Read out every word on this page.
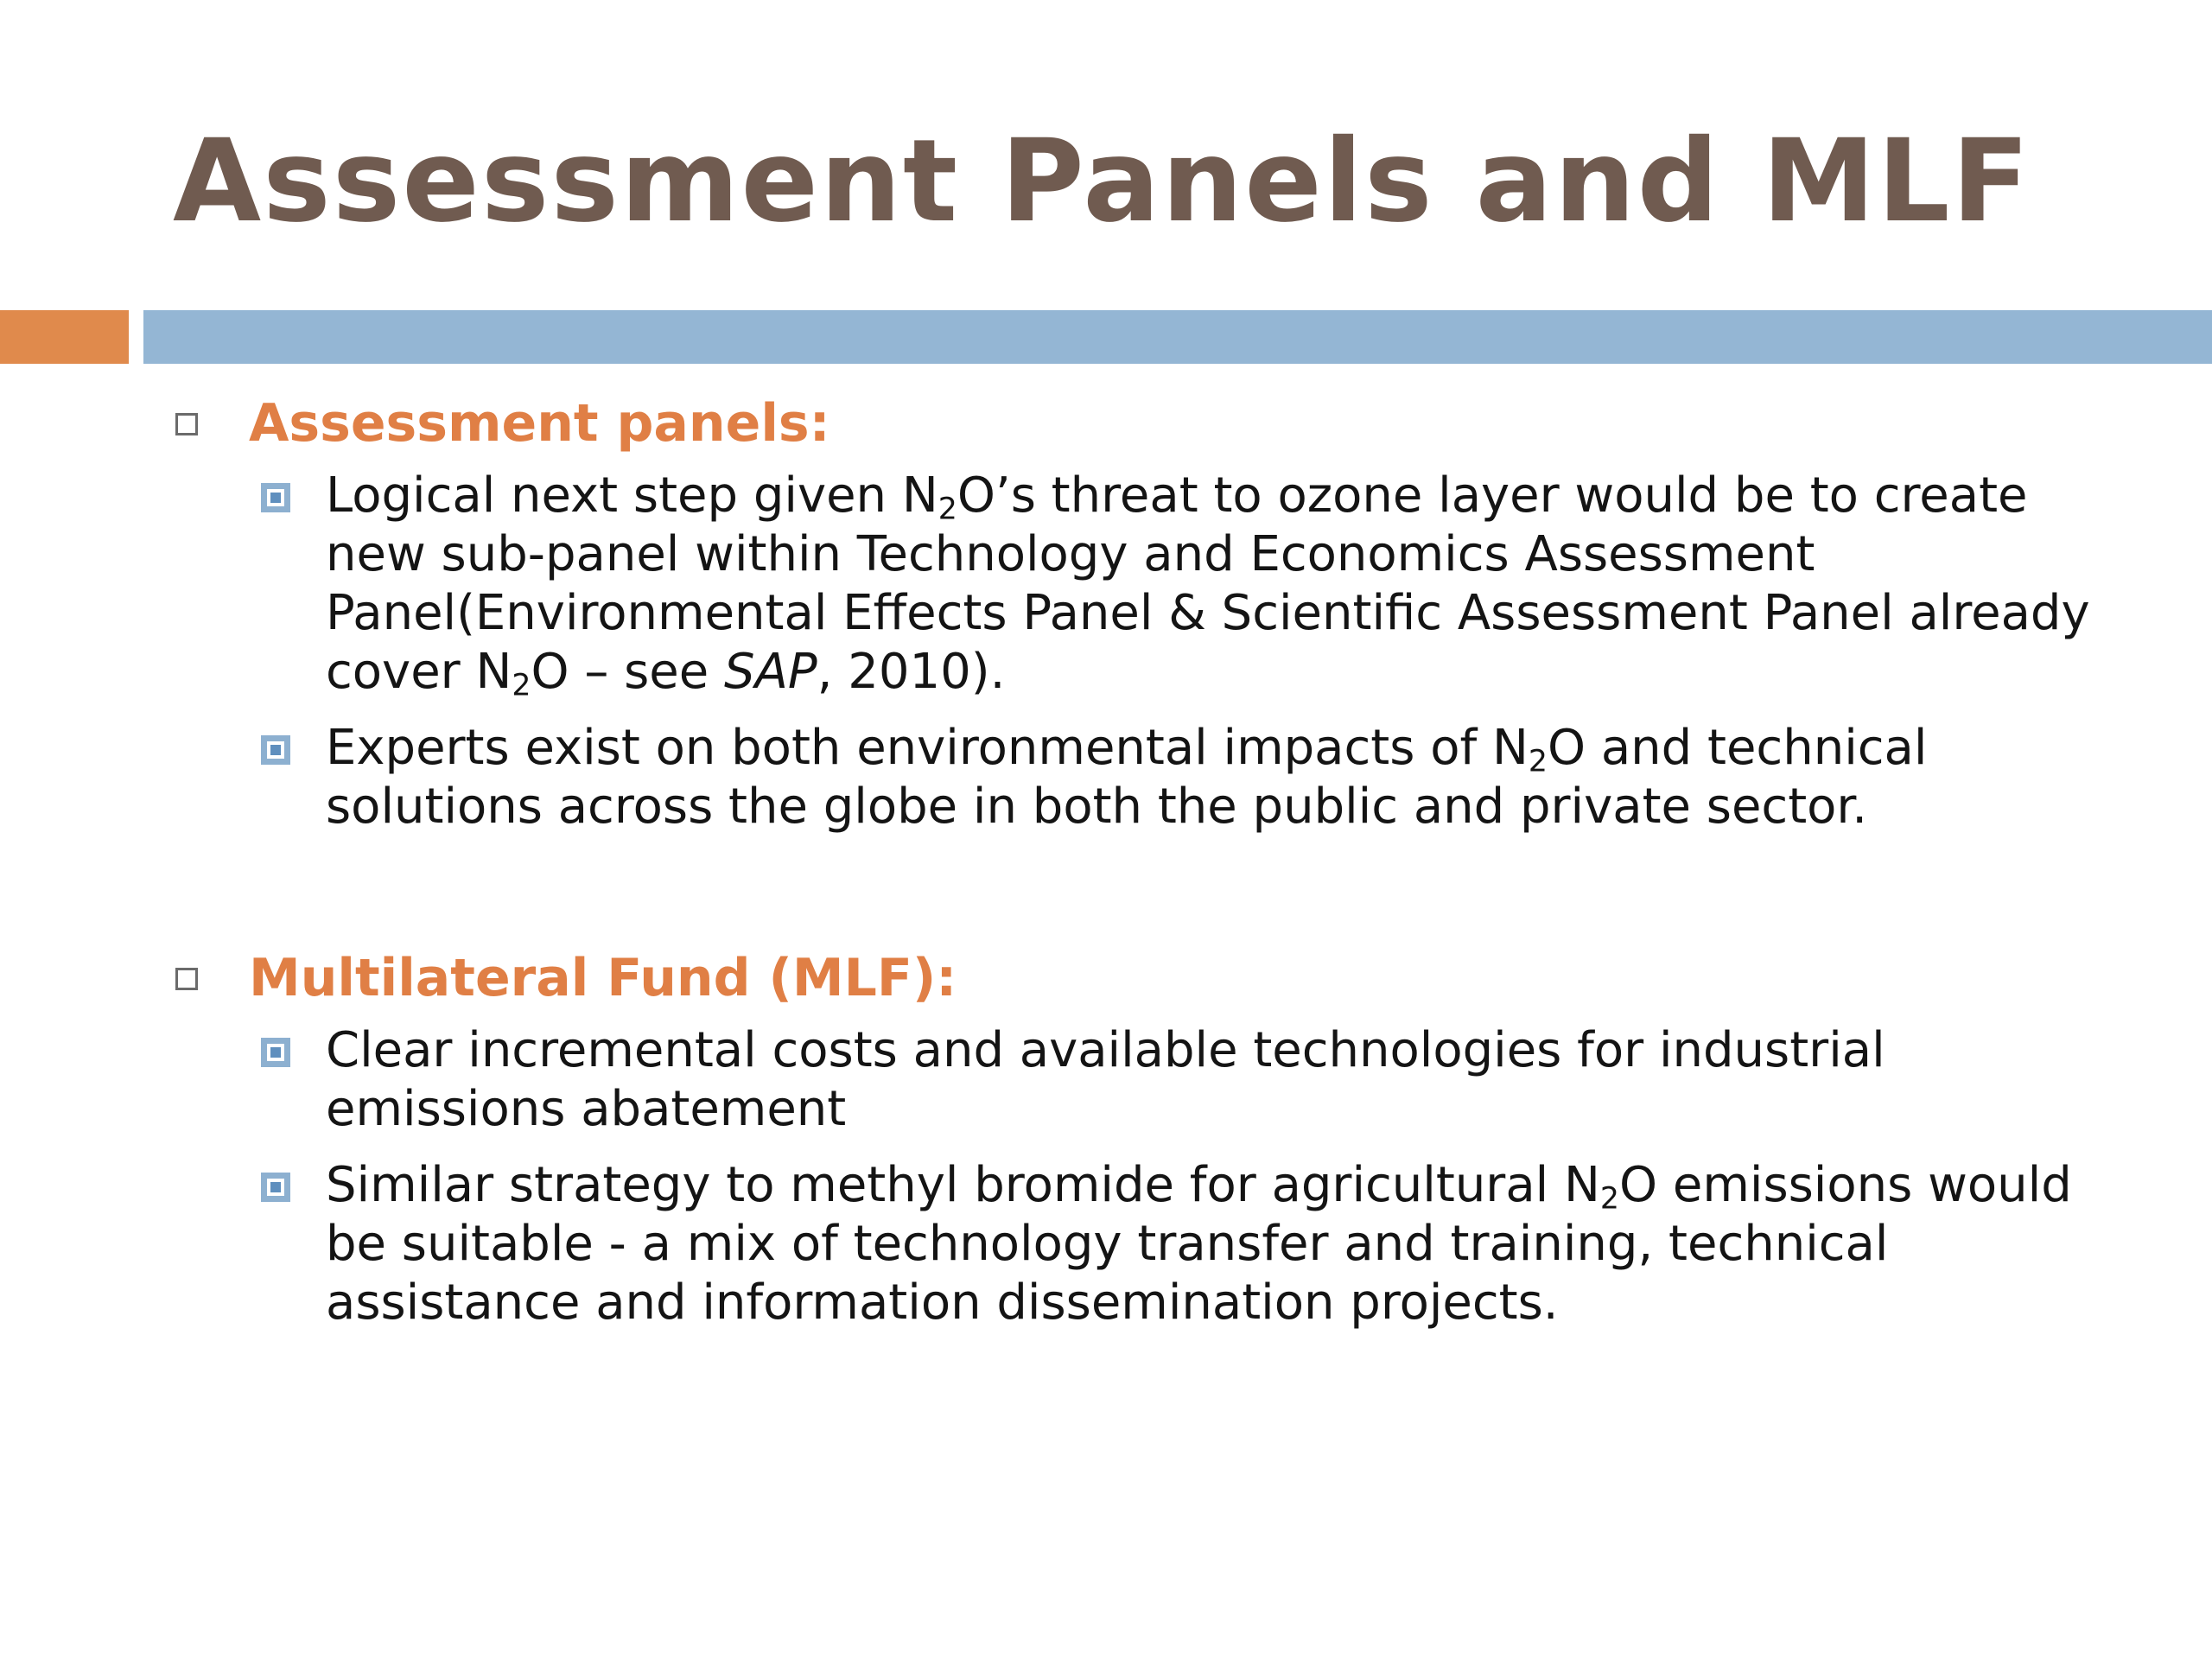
Assessment Panels and MLF
Assessment panels:
Logical next step given $N_2O’s$ threat to ozone layer would be to create new sub-panel within Technology and Economics Assessment Panel(Environmental Effects Panel & Scientific Assessment Panel already cover $N_2O$ – see SAP, 2010).
Experts exist on both environmental impacts of $N_2O$ and technical solutions across the globe in both the public and private sector.
Multilateral Fund (MLF):
Clear incremental costs and available technologies for industrial emissions abatement
Similar strategy to methyl bromide for agricultural $N_2O$ emissions would be suitable - a mix of technology transfer and training, technical assistance and information dissemination projects.
